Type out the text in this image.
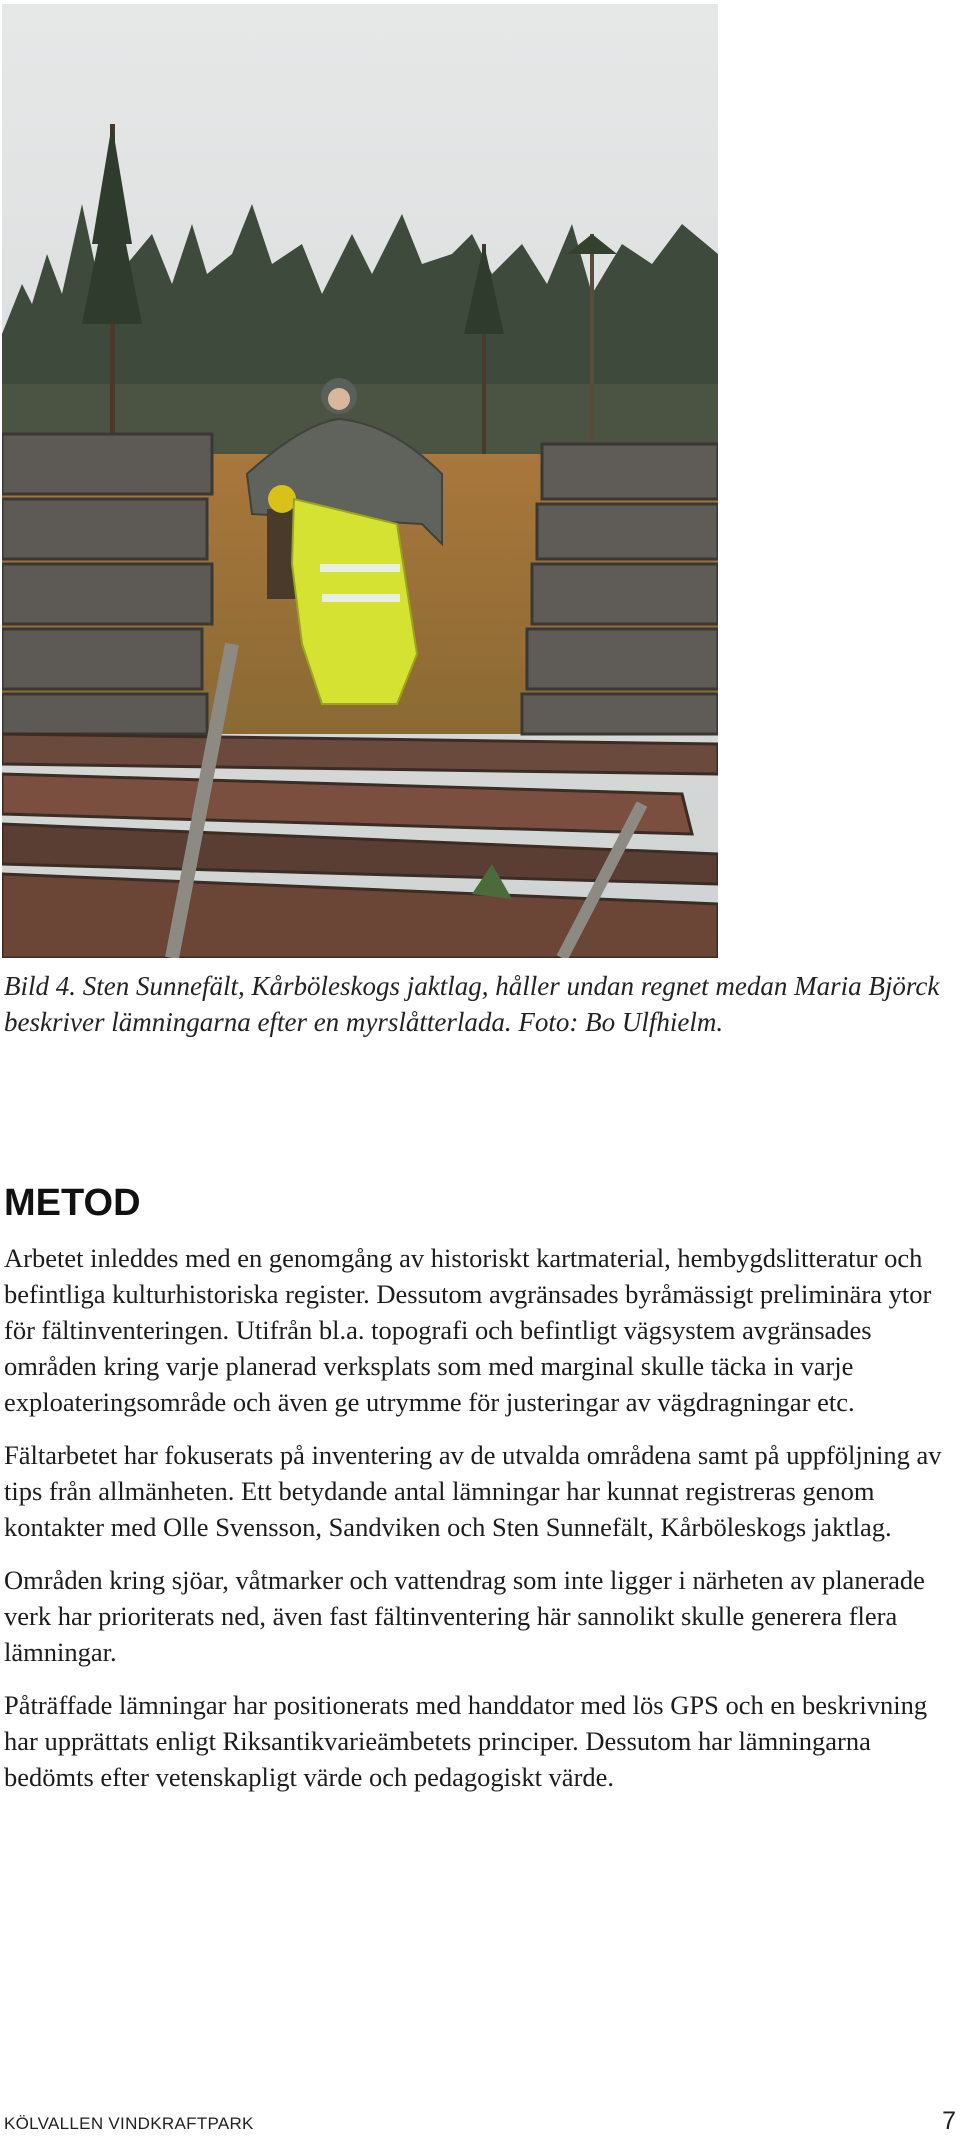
Bild 4. Sten Sunnefält, Kårböleskogs jaktlag, håller undan regnet medan Maria Björck beskriver lämningarna efter en myrslåtterlada. Foto: Bo Ulfhielm.

METOD

Arbetet inleddes med en genomgång av historiskt kartmaterial, hembygdslitteratur och befintliga kulturhistoriska register. Dessutom avgränsades byråmässigt preliminära ytor för fältinventeringen. Utifrån bl.a. topografi och befintligt vägsystem avgränsades områden kring varje planerad verksplats som med marginal skulle täcka in varje exploateringsområde och även ge utrymme för justeringar av vägdragningar etc.

Fältarbetet har fokuserats på inventering av de utvalda områdena samt på uppföljning av tips från allmänheten. Ett betydande antal lämningar har kunnat registreras genom kontakter med Olle Svensson, Sandviken och Sten Sunnefält, Kårböleskogs jaktlag.

Områden kring sjöar, våtmarker och vattendrag som inte ligger i närheten av planerade verk har prioriterats ned, även fast fältinventering här sannolikt skulle generera flera lämningar.

Påträffade lämningar har positionerats med handdator med lös GPS och en beskrivning har upprättats enligt Riksantikvarieämbetets principer. Dessutom har lämningarna bedömts efter vetenskapligt värde och pedagogiskt värde.

KÖLVALLEN VINDKRAFTPARK	7
